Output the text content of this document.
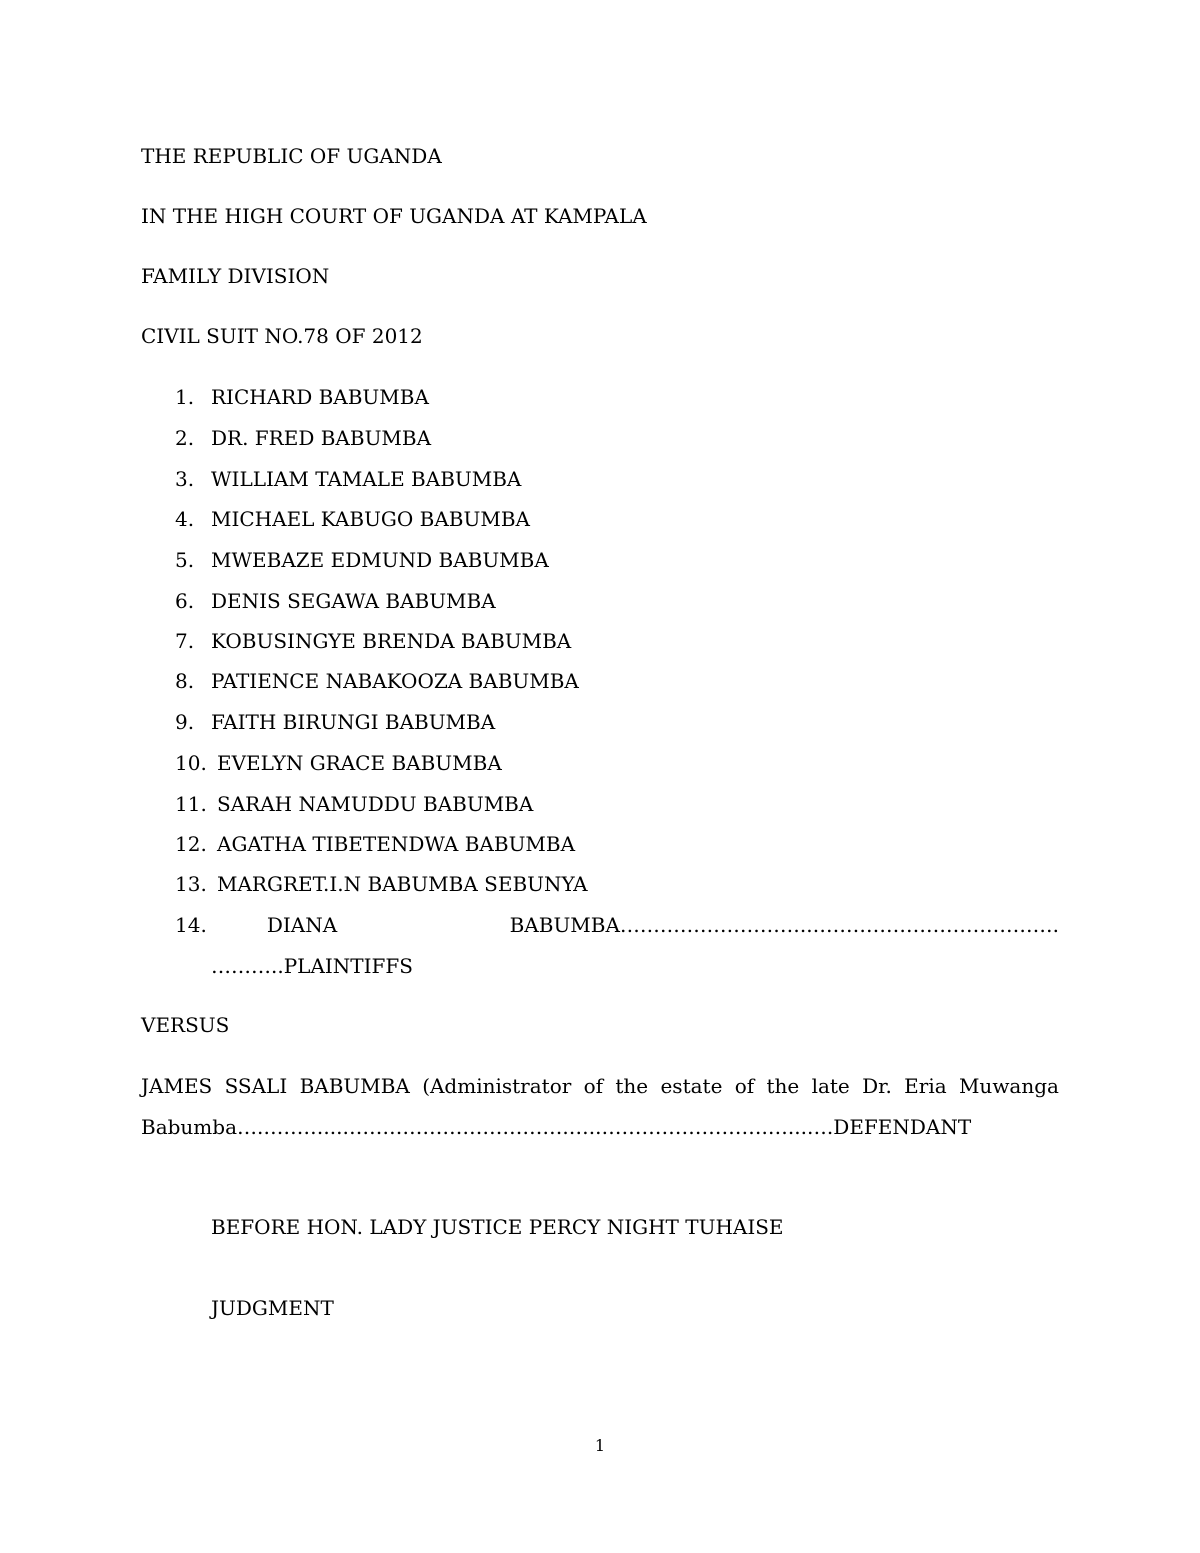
THE REPUBLIC OF UGANDA
IN THE HIGH COURT OF UGANDA AT KAMPALA
FAMILY DIVISION
CIVIL SUIT NO.78 OF 2012
1. RICHARD BABUMBA
2. DR. FRED BABUMBA
3. WILLIAM TAMALE BABUMBA
4. MICHAEL KABUGO BABUMBA
5. MWEBAZE EDMUND BABUMBA
6. DENIS SEGAWA BABUMBA
7. KOBUSINGYE BRENDA BABUMBA
8. PATIENCE NABAKOOZA BABUMBA
9. FAITH BIRUNGI BABUMBA
10. EVELYN GRACE BABUMBA
11. SARAH NAMUDDU BABUMBA
12. AGATHA TIBETENDWA BABUMBA
13. MARGRET.I.N BABUMBA SEBUNYA
14.	DIANA	BABUMBA………………………..……………………………….
………..PLAINTIFFS
VERSUS
JAMES SSALI BABUMBA (Administrator of the estate of the late Dr. Eria Muwanga
Babumba….………...…………………………….…..…………………….…...….DEFENDANT
BEFORE HON. LADY JUSTICE PERCY NIGHT TUHAISE
JUDGMENT
1
